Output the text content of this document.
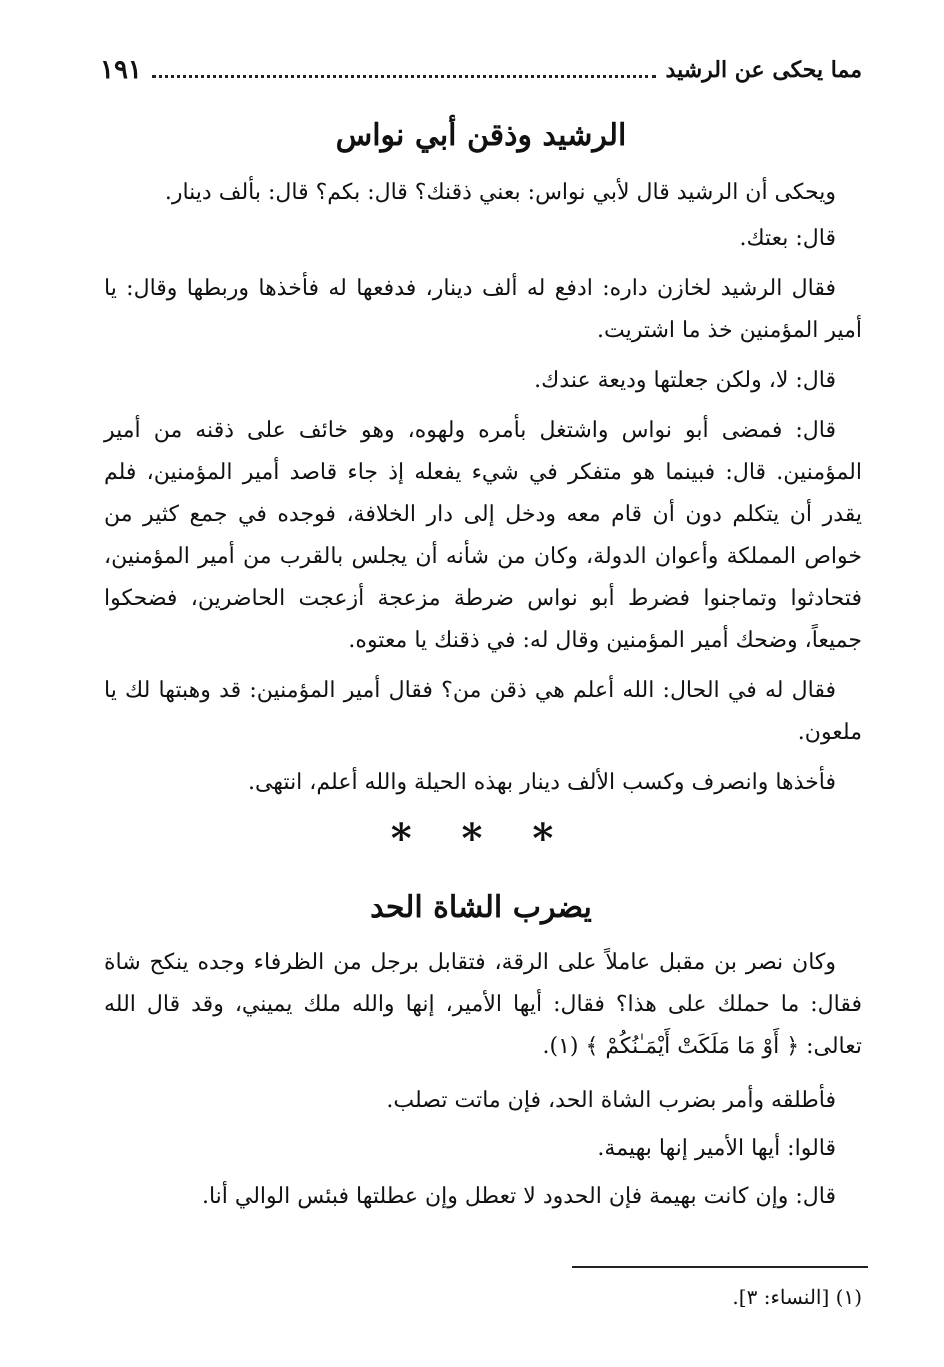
مما يحكى عن الرشيد
١٩١
الرشيد وذقن أبي نواس

ويحكى أن الرشيد قال لأبي نواس: بعني ذقنك؟ قال: بكم؟ قال: بألف دينار.

قال: بعتك.

فقال الرشيد لخازن داره: ادفع له ألف دينار، فدفعها له فأخذها وربطها وقال: يا أمير المؤمنين خذ ما اشتريت.

قال: لا، ولكن جعلتها وديعة عندك.

قال: فمضى أبو نواس واشتغل بأمره ولهوه، وهو خائف على ذقنه من أمير المؤمنين. قال: فبينما هو متفكر في شيء يفعله إذ جاء قاصد أمير المؤمنين، فلم يقدر أن يتكلم دون أن قام معه ودخل إلى دار الخلافة، فوجده في جمع كثير من خواص المملكة وأعوان الدولة، وكان من شأنه أن يجلس بالقرب من أمير المؤمنين، فتحادثوا وتماجنوا فضرط أبو نواس ضرطة مزعجة أزعجت الحاضرين، فضحكوا جميعاً، وضحك أمير المؤمنين وقال له: في ذقنك يا معتوه.

فقال له في الحال: الله أعلم هي ذقن من؟ فقال أمير المؤمنين: قد وهبتها لك يا ملعون.

فأخذها وانصرف وكسب الألف دينار بهذه الحيلة والله أعلم، انتهى.

* * *
يضرب الشاة الحد

وكان نصر بن مقبل عاملاً على الرقة، فتقابل برجل من الظرفاء وجده ينكح شاة فقال: ما حملك على هذا؟ فقال: أيها الأمير، إنها والله ملك يميني، وقد قال الله تعالى: ﴿ أَوْ مَا مَلَكَتْ أَيْمَـٰنُكُمْ ﴾ (١).

فأطلقه وأمر بضرب الشاة الحد، فإن ماتت تصلب.

قالوا: أيها الأمير إنها بهيمة.

قال: وإن كانت بهيمة فإن الحدود لا تعطل وإن عطلتها فبئس الوالي أنا.

(١) [النساء: ٣].
